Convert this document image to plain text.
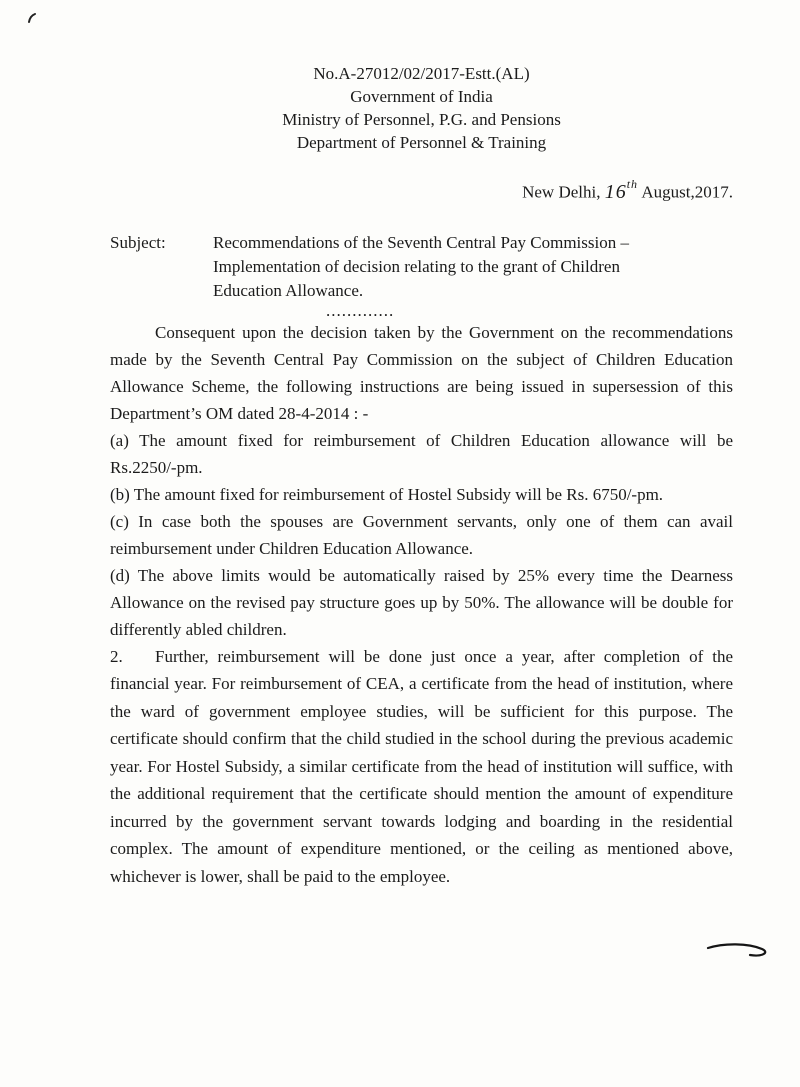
No.A-27012/02/2017-Estt.(AL)
Government of India
Ministry of Personnel, P.G. and Pensions
Department of Personnel & Training
New Delhi, 16th August,2017.
Subject:	Recommendations of the Seventh Central Pay Commission – Implementation of decision relating to the grant of Children Education Allowance.
.............

Consequent upon the decision taken by the Government on the recommendations made by the Seventh Central Pay Commission on the subject of Children Education Allowance Scheme, the following instructions are being issued in supersession of this Department’s OM dated 28-4-2014 : -

(a) The amount fixed for reimbursement of Children Education allowance will be Rs.2250/-pm.

(b) The amount fixed for reimbursement of Hostel Subsidy will be Rs. 6750/-pm.

(c) In case both the spouses are Government servants, only one of them can avail reimbursement under Children Education Allowance.

(d) The above limits would be automatically raised by 25% every time the Dearness Allowance on the revised pay structure goes up by 50%. The allowance will be double for differently abled children.

2. Further, reimbursement will be done just once a year, after completion of the financial year. For reimbursement of CEA, a certificate from the head of institution, where the ward of government employee studies, will be sufficient for this purpose. The certificate should confirm that the child studied in the school during the previous academic year. For Hostel Subsidy, a similar certificate from the head of institution will suffice, with the additional requirement that the certificate should mention the amount of expenditure incurred by the government servant towards lodging and boarding in the residential complex. The amount of expenditure mentioned, or the ceiling as mentioned above, whichever is lower, shall be paid to the employee.
